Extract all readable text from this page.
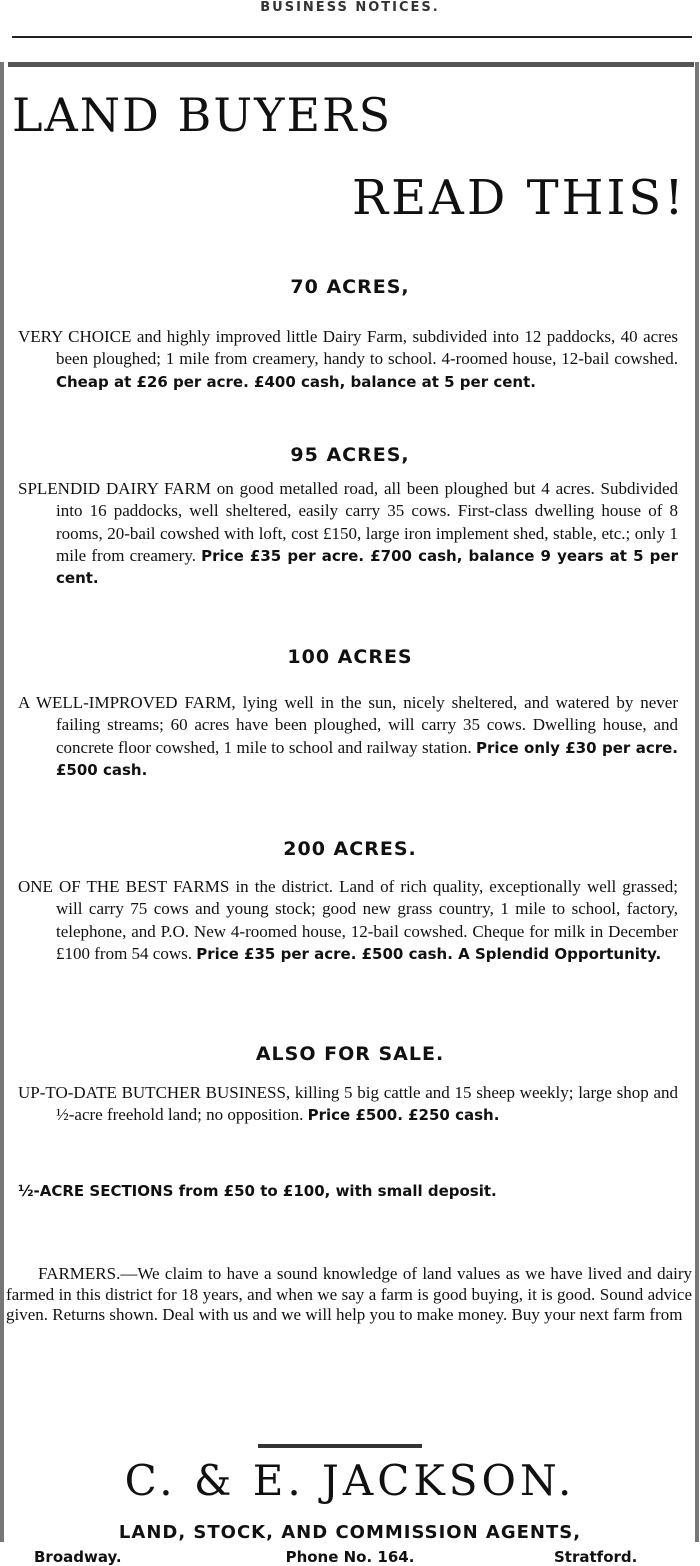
BUSINESS NOTICES.
LAND BUYERS
READ THIS!
70 ACRES,
VERY CHOICE and highly improved little Dairy Farm, subdivided into 12 paddocks, 40 acres been ploughed; 1 mile from creamery, handy to school. 4-roomed house, 12-bail cowshed. Cheap at £26 per acre. £400 cash, balance at 5 per cent.
95 ACRES,
SPLENDID DAIRY FARM on good metalled road, all been ploughed but 4 acres. Subdivided into 16 paddocks, well sheltered, easily carry 35 cows. First-class dwelling house of 8 rooms, 20-bail cowshed with loft, cost £150, large iron implement shed, stable, etc.; only 1 mile from creamery. Price £35 per acre. £700 cash, balance 9 years at 5 per cent.
100 ACRES
A WELL-IMPROVED FARM, lying well in the sun, nicely sheltered, and watered by never failing streams; 60 acres have been ploughed, will carry 35 cows. Dwelling house, and concrete floor cowshed, 1 mile to school and railway station. Price only £30 per acre. £500 cash.
200 ACRES.
ONE OF THE BEST FARMS in the district. Land of rich quality, exceptionally well grassed; will carry 75 cows and young stock; good new grass country, 1 mile to school, factory, telephone, and P.O. New 4-roomed house, 12-bail cowshed. Cheque for milk in December £100 from 54 cows. Price £35 per acre. £500 cash. A Splendid Opportunity.
ALSO FOR SALE.
UP-TO-DATE BUTCHER BUSINESS, killing 5 big cattle and 15 sheep weekly; large shop and ½-acre freehold land; no opposition. Price £500. £250 cash.
½-ACRE SECTIONS from £50 to £100, with small deposit.
FARMERS.—We claim to have a sound knowledge of land values as we have lived and dairy farmed in this district for 18 years, and when we say a farm is good buying, it is good. Sound advice given. Returns shown. Deal with us and we will help you to make money. Buy your next farm from
C. & E. JACKSON.
LAND, STOCK, AND COMMISSION AGENTS,
Broadway.	Phone No. 164.	Stratford.
